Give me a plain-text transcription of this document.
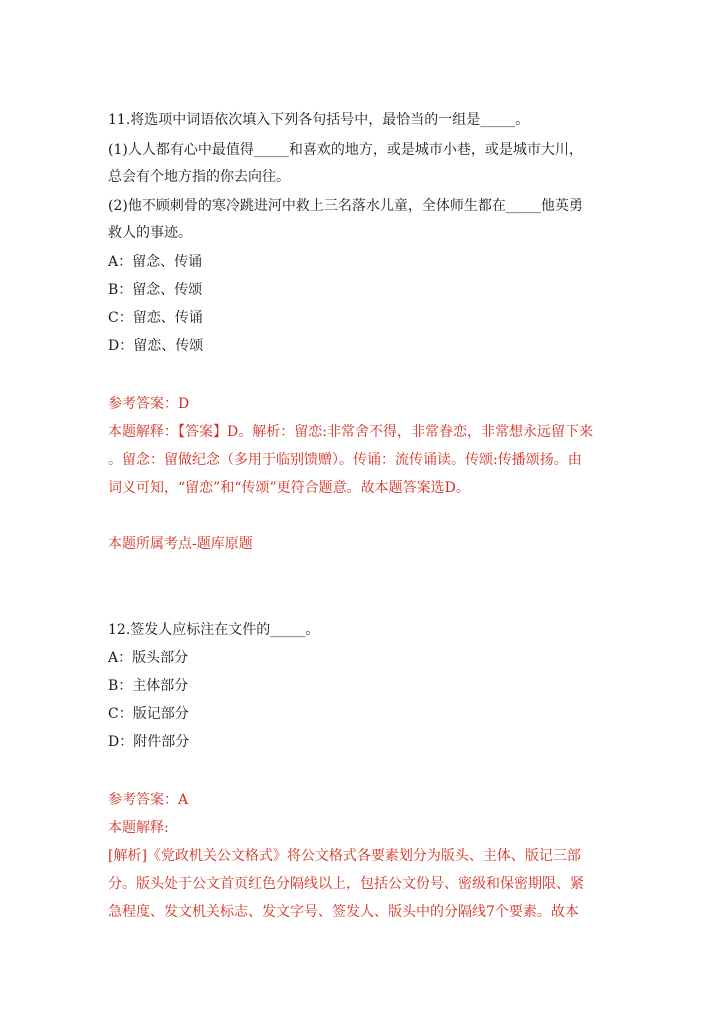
11.将选项中词语依次填入下列各句括号中，最恰当的一组是_____。
(1)人人都有心中最值得_____和喜欢的地方，或是城市小巷，或是城市大川，
总会有个地方指的你去向往。
(2)他不顾刺骨的寒冷跳进河中救上三名落水儿童，全体师生都在_____他英勇
救人的事迹。
A：留念、传诵
B：留念、传颂
C：留恋、传诵
D：留恋、传颂
参考答案：D
本题解释：【答案】D。解析：留恋:非常舍不得，非常眷恋，非常想永远留下来
。留念：留做纪念（多用于临别馈赠）。传诵：流传诵读。传颂:传播颂扬。由
词义可知，“留恋”和“传颂”更符合题意。故本题答案选D。
本题所属考点-题库原题
12.签发人应标注在文件的_____。
A：版头部分
B：主体部分
C：版记部分
D：附件部分
参考答案：A
本题解释:
[解析]《党政机关公文格式》将公文格式各要素划分为版头、主体、版记三部
分。版头处于公文首页红色分隔线以上，包括公文份号、密级和保密期限、紧
急程度、发文机关标志、发文字号、签发人、版头中的分隔线7个要素。故本
